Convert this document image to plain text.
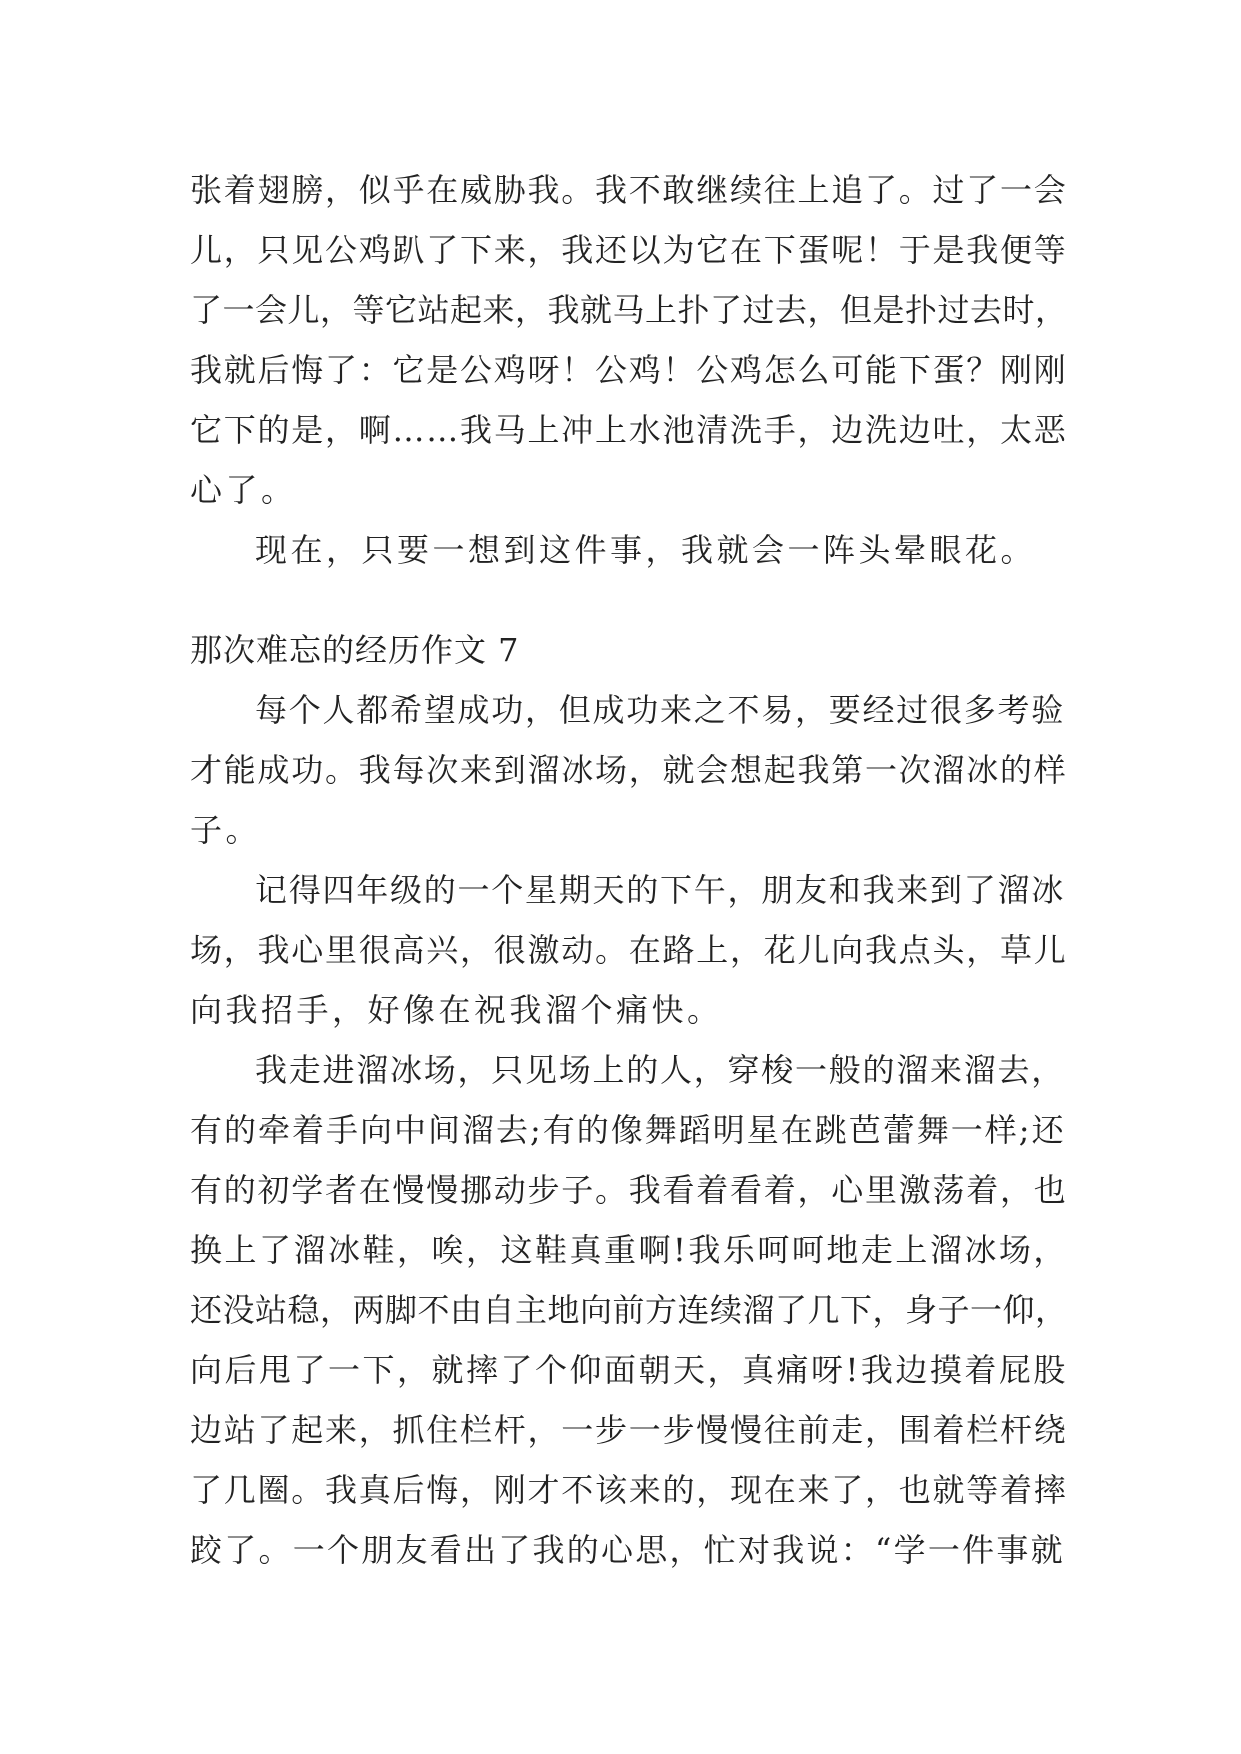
张着翅膀，似乎在威胁我。我不敢继续往上追了。过了一会
儿，只见公鸡趴了下来，我还以为它在下蛋呢！于是我便等
了一会儿，等它站起来，我就马上扑了过去，但是扑过去时，
我就后悔了：它是公鸡呀！公鸡！公鸡怎么可能下蛋？刚刚
它下的是，啊……我马上冲上水池清洗手，边洗边吐，太恶
心了。
现在，只要一想到这件事，我就会一阵头晕眼花。
那次难忘的经历作文 7
每个人都希望成功，但成功来之不易，要经过很多考验
才能成功。我每次来到溜冰场，就会想起我第一次溜冰的样
子。
记得四年级的一个星期天的下午，朋友和我来到了溜冰
场，我心里很高兴，很激动。在路上，花儿向我点头，草儿
向我招手，好像在祝我溜个痛快。
我走进溜冰场，只见场上的人，穿梭一般的溜来溜去，
有的牵着手向中间溜去;有的像舞蹈明星在跳芭蕾舞一样;还
有的初学者在慢慢挪动步子。我看着看着，心里激荡着，也
换上了溜冰鞋，唉，这鞋真重啊!我乐呵呵地走上溜冰场，
还没站稳，两脚不由自主地向前方连续溜了几下，身子一仰，
向后甩了一下，就摔了个仰面朝天，真痛呀!我边摸着屁股
边站了起来，抓住栏杆，一步一步慢慢往前走，围着栏杆绕
了几圈。我真后悔，刚才不该来的，现在来了，也就等着摔
跤了。一个朋友看出了我的心思，忙对我说：“学一件事就
